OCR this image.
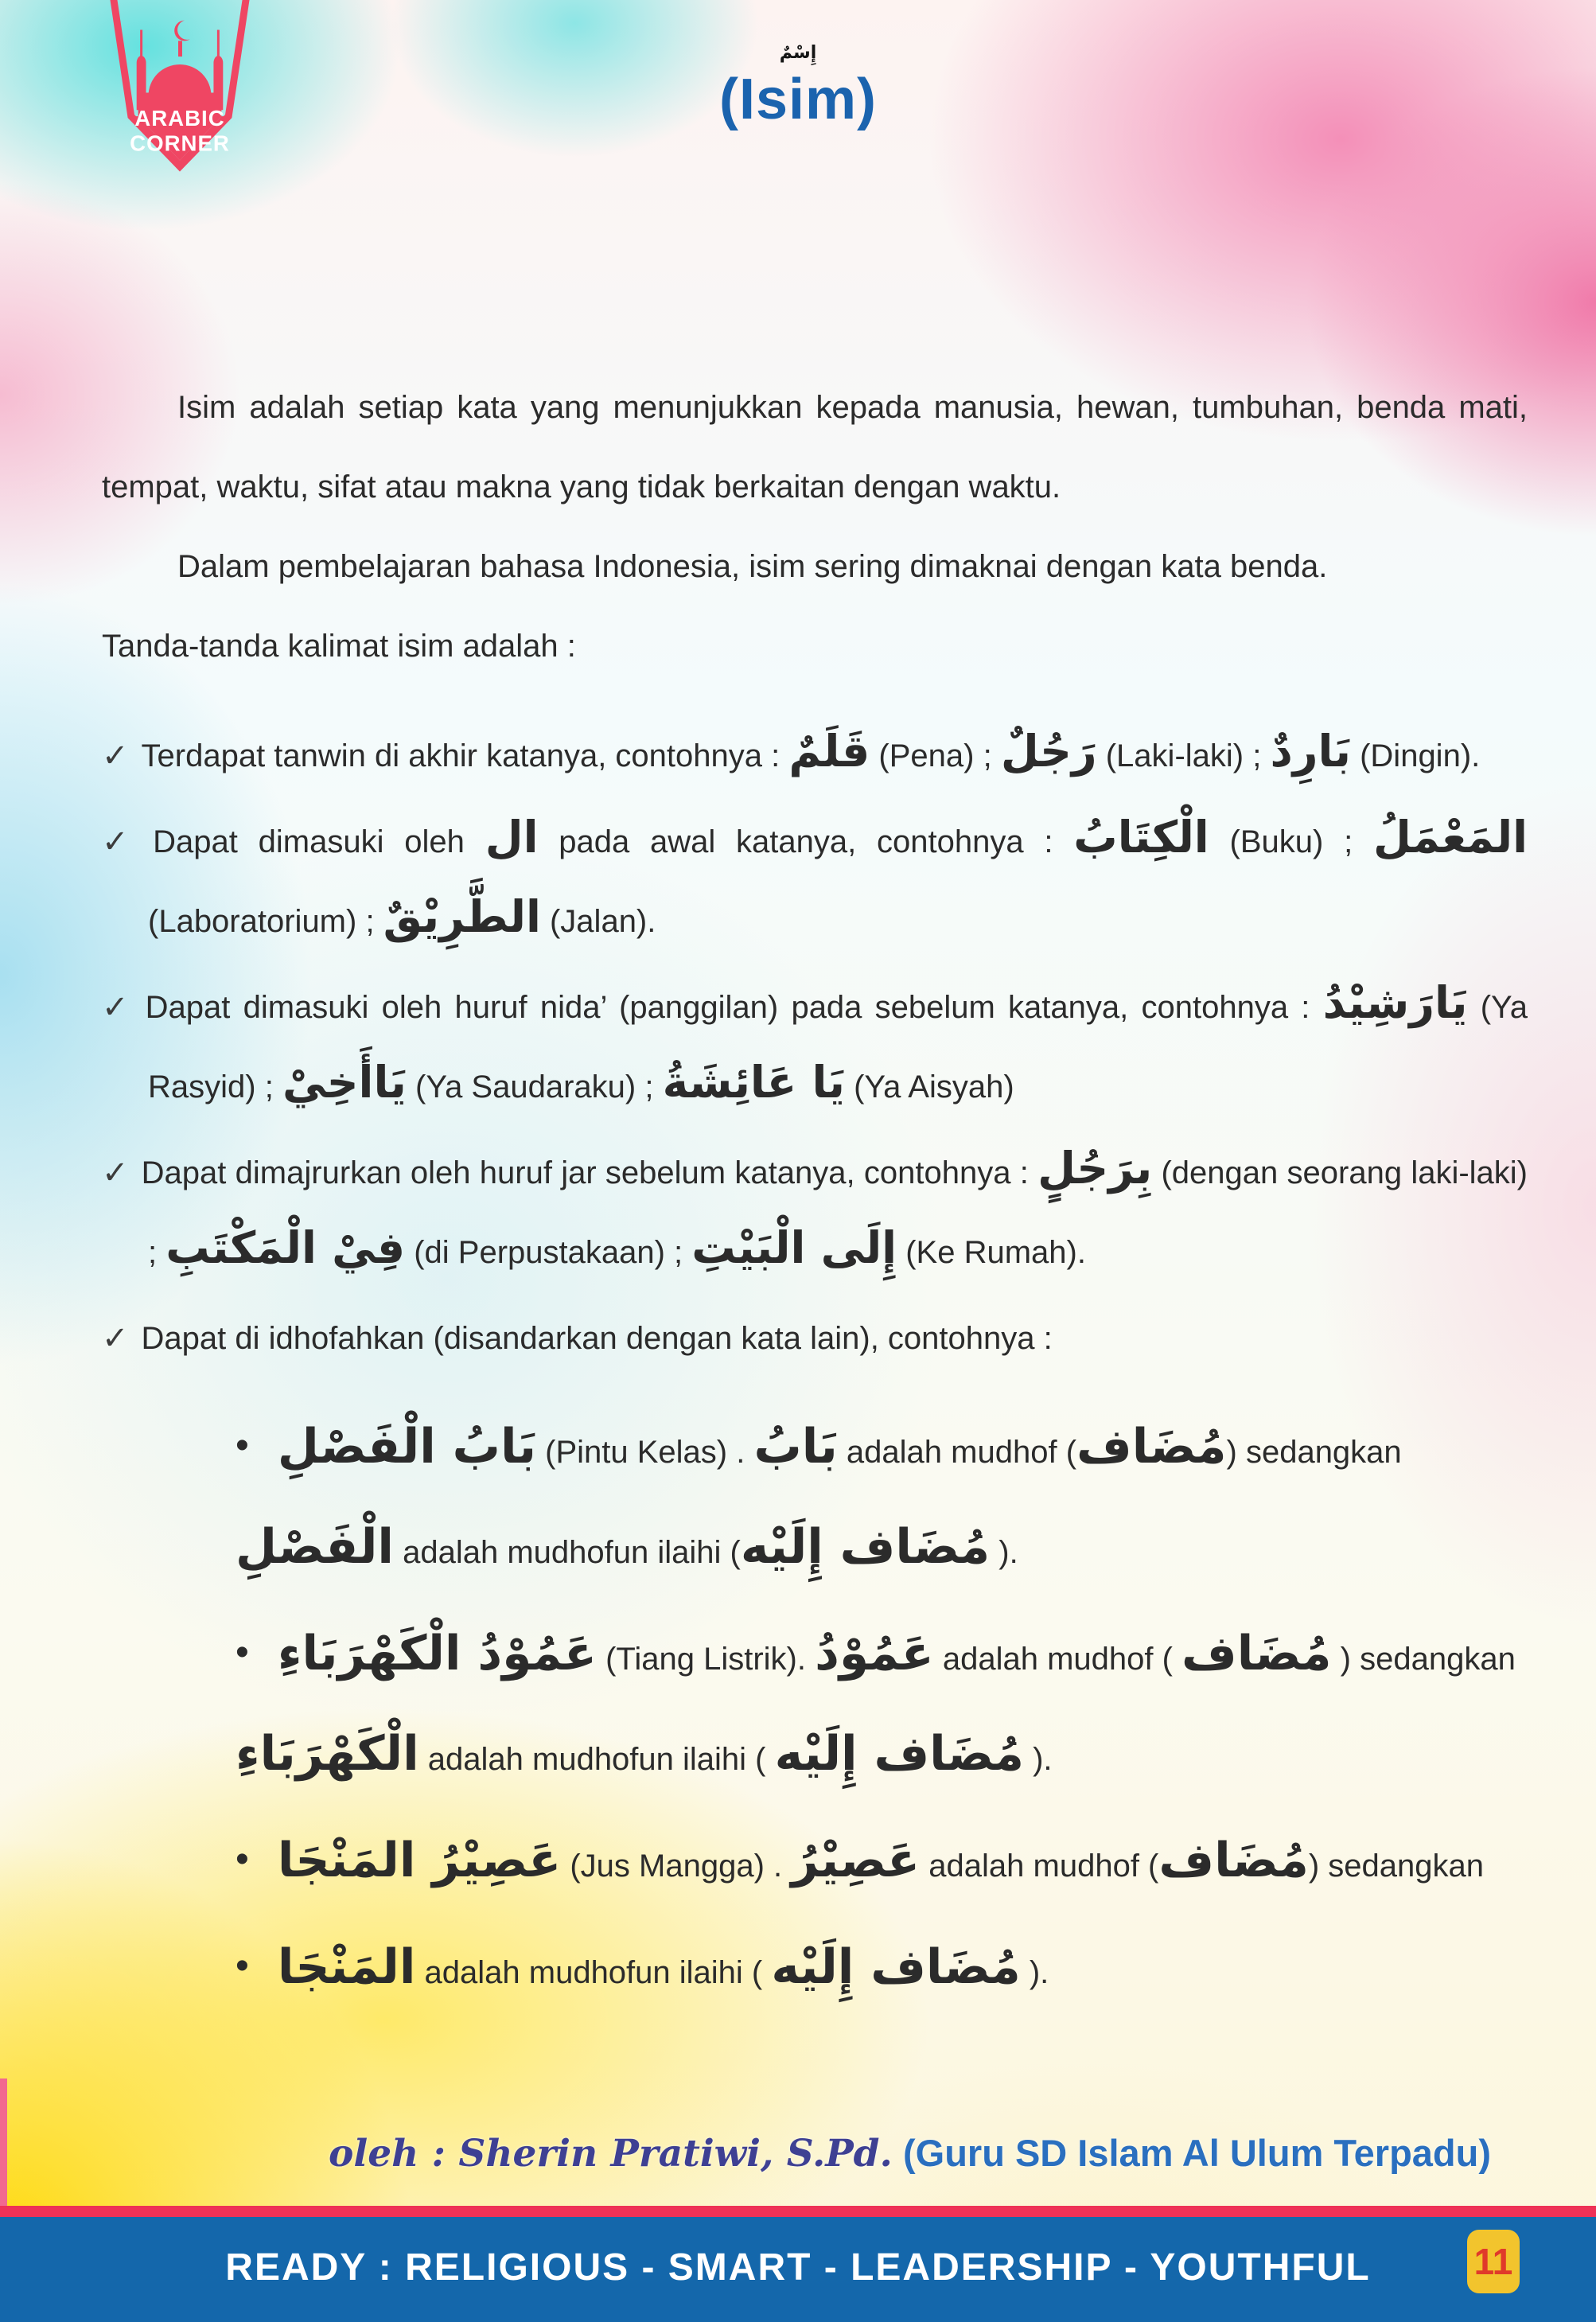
ARABIC
CORNER
إِسْمٌ
(Isim)

Isim adalah setiap kata yang menunjukkan kepada manusia, hewan, tumbuhan, benda mati, tempat, waktu, sifat atau makna yang tidak berkaitan dengan waktu.

Dalam pembelajaran bahasa Indonesia, isim sering dimaknai dengan kata benda.

Tanda-tanda kalimat isim adalah :

✓ Terdapat tanwin di akhir katanya, contohnya : قَلَمٌ (Pena) ; رَجُلٌ (Laki-laki) ; بَارِدٌ (Dingin).
✓ Dapat dimasuki oleh ال pada awal katanya, contohnya : الْكِتَابُ (Buku) ; المَعْمَلُ (Laboratorium) ; الطَّرِيْقٌ (Jalan).
✓ Dapat dimasuki oleh huruf nida’ (panggilan) pada sebelum katanya, contohnya : يَارَشِيْدُ (Ya Rasyid) ; يَاأَخِيْ (Ya Saudaraku) ; يَا عَائِشَةُ (Ya Aisyah)
✓ Dapat dimajrurkan oleh huruf jar sebelum katanya, contohnya : بِرَجُلٍ (dengan seorang laki-laki) ; فِيْ الْمَكْتَبِ (di Perpustakaan) ; إِلَى الْبَيْتِ (Ke Rumah).
✓ Dapat di idhofahkan (disandarkan dengan kata lain), contohnya :
• بَابُ الْفَصْلِ (Pintu Kelas) . بَابُ adalah mudhof (مُضَاف) sedangkan
الْفَصْلِ adalah mudhofun ilaihi (مُضَاف إِلَيْه ).
• عَمُوْدُ الْكَهْرَبَاءِ (Tiang Listrik). عَمُوْدُ adalah mudhof ( مُضَاف ) sedangkan
الْكَهْرَبَاءِ adalah mudhofun ilaihi ( مُضَاف إِلَيْه ).
• عَصِيْرُ المَنْجَا (Jus Mangga) . عَصِيْرُ adalah mudhof (مُضَاف) sedangkan
• المَنْجَا adalah mudhofun ilaihi ( مُضَاف إِلَيْه ).
oleh : Sherin Pratiwi, S.Pd. (Guru SD Islam Al Ulum Terpadu)
READY : RELIGIOUS - SMART - LEADERSHIP - YOUTHFUL	11
